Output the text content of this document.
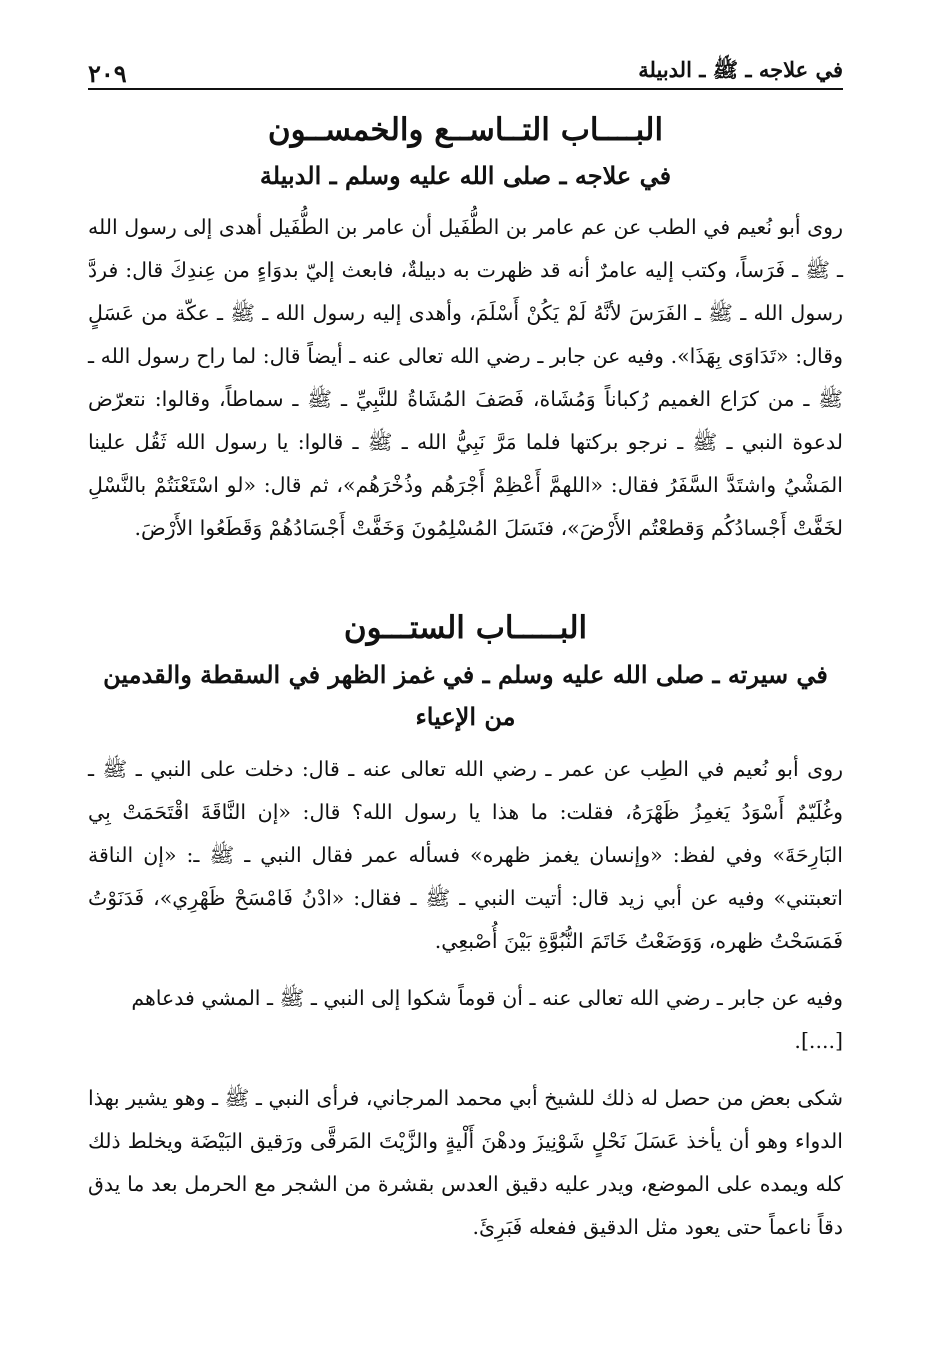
في علاجه ـ ﷺ ـ الدبيلة
٢٠٩
البــــاب التــاســع والخمســون
في علاجه ـ صلى الله عليه وسلم ـ الدبيلة

روى أبو نُعيم في الطب عن عم عامر بن الطُّفَيل أن عامر بن الطُّفَيل أهدى إلى رسول الله ـ ﷺ ـ فَرَساً، وكتب إليه عامرٌ أنه قد ظهرت به دبيلةٌ، فابعث إليّ بدوَاءٍ من عِندِكَ قال: فردَّ رسول الله ـ ﷺ ـ الفَرَسَ لأنَّهُ لَمْ يَكُنْ أَسْلَمَ، وأهدى إليه رسول الله ـ ﷺ ـ عكّة من عَسَلٍ وقال: «تَدَاوَى بِهَذَا». وفيه عن جابر ـ رضي الله تعالى عنه ـ أيضاً قال: لما راح رسول الله ـ ﷺ ـ من كرَاع الغميم رُكباناً وَمُشَاة، فَصَفَ المُشَاةُ للنَّبِيِّ ـ ﷺ ـ سماطاً، وقالوا: نتعرّض لدعوة النبي ـ ﷺ ـ نرجو بركتها فلما مَرَّ نَبِيُّ الله ـ ﷺ ـ قالوا: يا رسول الله ثَقُل علينا المَشْيُ واشتَدَّ السَّفَرُ فقال: «اللهمَّ أَعْظِمْ أَجْرَهُم وذُخْرَهُم»، ثم قال: «لو اسْتَعْنَتُمْ بالنَّسْلِ لخَفَّتْ أَجْسادُكُم وَقطعْتُم الأَرْضَ»، فنَسَلَ المُسْلِمُونَ وَخَفَّتْ أَجْسَادُهُمْ وَقَطَعُوا الأَرْضَ.

البـــــاب الستـــون
في سيرته ـ صلى الله عليه وسلم ـ في غمز الظهر في السقطة والقدمين من الإعياء

روى أبو نُعيم في الطِب عن عمر ـ رضي الله تعالى عنه ـ قال: دخلت على النبي ـ ﷺ ـ وغُلَيّمٌ أَسْوَدُ يَغمِزُ ظَهْرَهُ، فقلت: ما هذا يا رسول الله؟ قال: «إن النَّاقَةَ اقْتَحَمَتْ بِي البَارِحَةَ» وفي لفظ: «وإنسان يغمز ظهره» فسأله عمر فقال النبي ـ ﷺ ـ: «إن الناقة اتعبتني» وفيه عن أبي زيد قال: أتيت النبي ـ ﷺ ـ فقال: «ادْنُ فَامْسَحْ ظَهْرِي»، فَدَنَوْتُ فَمَسَحْتُ ظهره، وَوَضَعْتُ خَاتَمَ النُّبُوَّةِ بَيْنَ أُصْبعِي.

وفيه عن جابر ـ رضي الله تعالى عنه ـ أن قوماً شكوا إلى النبي ـ ﷺ ـ المشي فدعاهم

[....].

شكى بعض من حصل له ذلك للشيخ أبي محمد المرجاني، فرأى النبي ـ ﷺ ـ وهو يشير بهذا الدواء وهو أن يأخذ عَسَلَ نَحْلٍ شَوْنِيزَ ودهْنَ أَلْيةٍ والزَّيْتَ المَرقَّى ورَقيق البَيْضَة ويخلط ذلك كله ويمده على الموضع، ويدر عليه دقيق العدس بقشرة من الشجر مع الحرمل بعد ما يدق دقاً ناعماً حتى يعود مثل الدقيق ففعله فَبَرِئَ.
